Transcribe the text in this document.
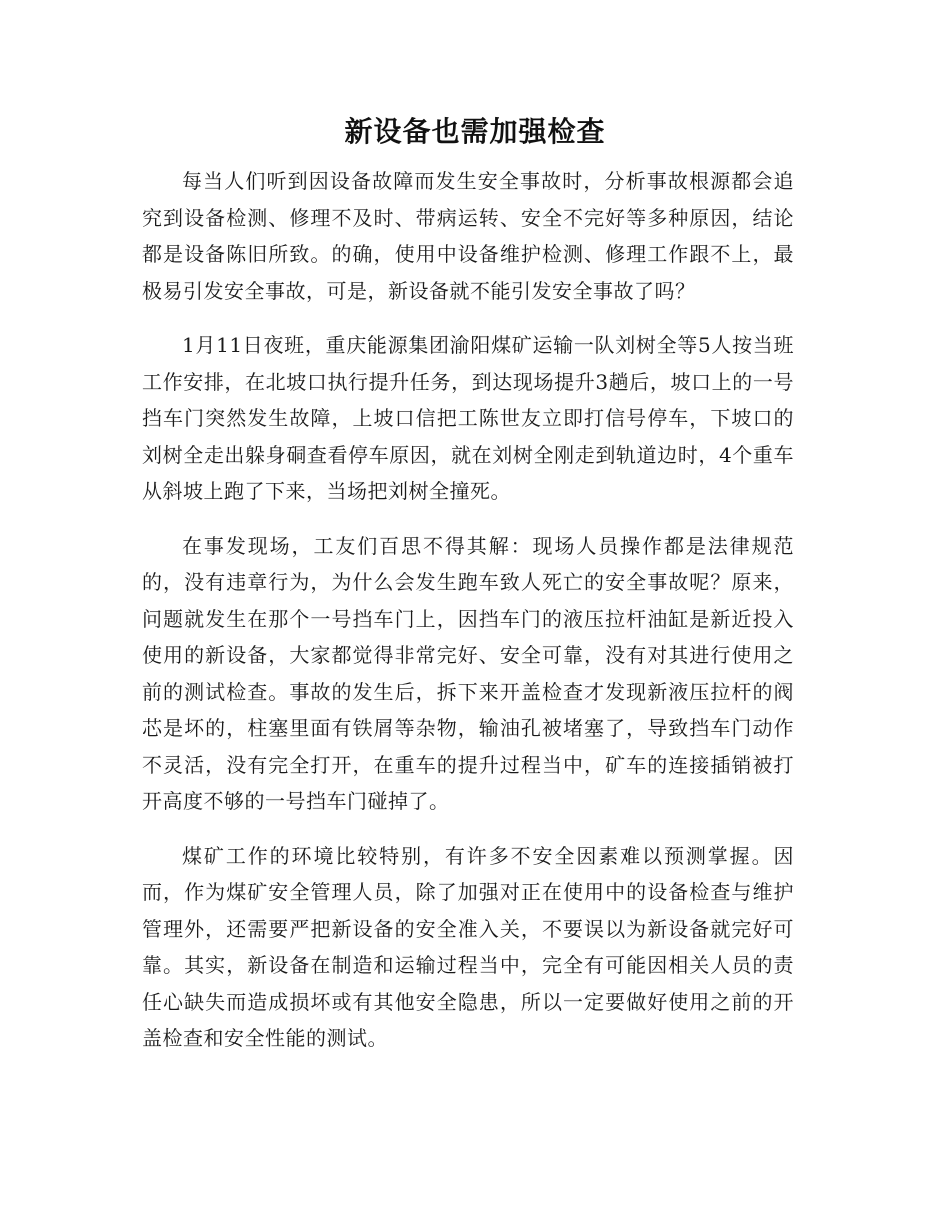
新设备也需加强检查

每当人们听到因设备故障而发生安全事故时，分析事故根源都会追究到设备检测、修理不及时、带病运转、安全不完好等多种原因，结论都是设备陈旧所致。的确，使用中设备维护检测、修理工作跟不上，最极易引发安全事故，可是，新设备就不能引发安全事故了吗？

1月11日夜班，重庆能源集团渝阳煤矿运输一队刘树全等5人按当班工作安排，在北坡口执行提升任务，到达现场提升3趟后，坡口上的一号挡车门突然发生故障，上坡口信把工陈世友立即打信号停车，下坡口的刘树全走出躲身硐查看停车原因，就在刘树全刚走到轨道边时，4个重车从斜坡上跑了下来，当场把刘树全撞死。

在事发现场，工友们百思不得其解：现场人员操作都是法律规范的，没有违章行为，为什么会发生跑车致人死亡的安全事故呢？原来，问题就发生在那个一号挡车门上，因挡车门的液压拉杆油缸是新近投入使用的新设备，大家都觉得非常完好、安全可靠，没有对其进行使用之前的测试检查。事故的发生后，拆下来开盖检查才发现新液压拉杆的阀芯是坏的，柱塞里面有铁屑等杂物，输油孔被堵塞了，导致挡车门动作不灵活，没有完全打开，在重车的提升过程当中，矿车的连接插销被打开高度不够的一号挡车门碰掉了。

煤矿工作的环境比较特别，有许多不安全因素难以预测掌握。因而，作为煤矿安全管理人员，除了加强对正在使用中的设备检查与维护管理外，还需要严把新设备的安全准入关，不要误以为新设备就完好可靠。其实，新设备在制造和运输过程当中，完全有可能因相关人员的责任心缺失而造成损坏或有其他安全隐患，所以一定要做好使用之前的开盖检查和安全性能的测试。
